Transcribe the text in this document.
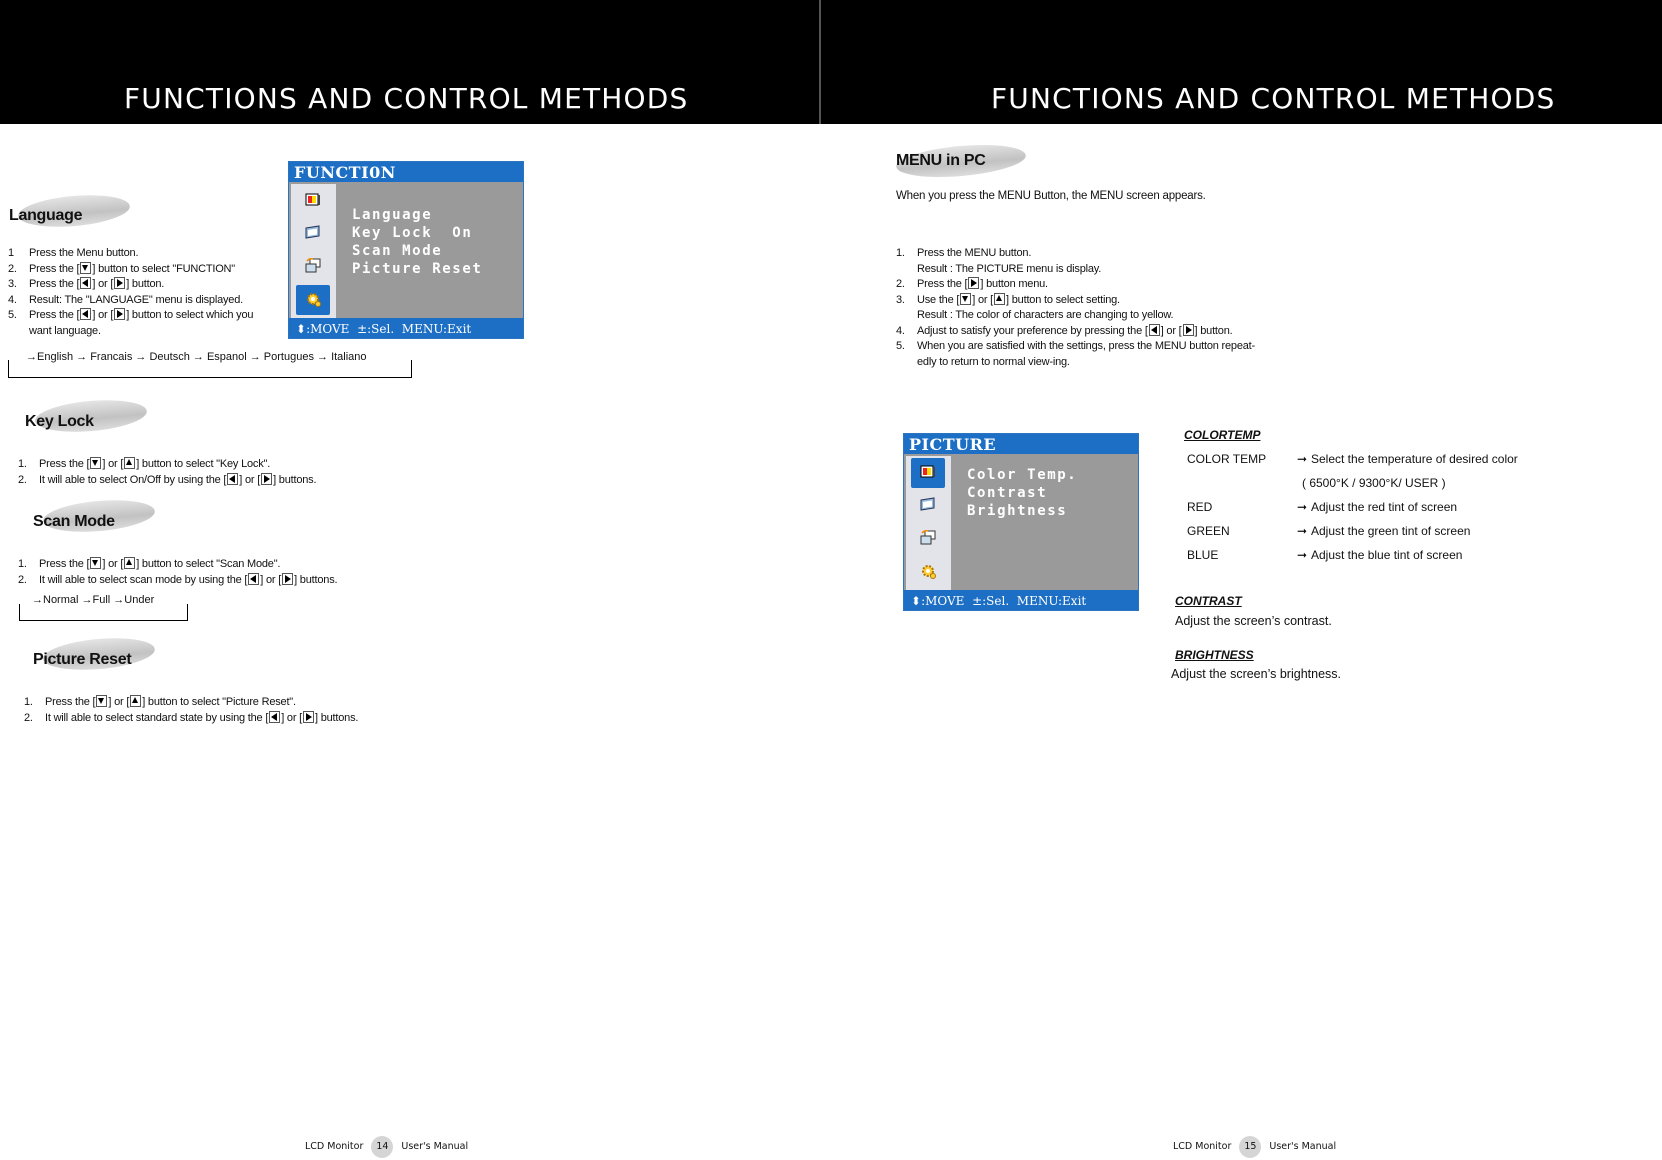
FUNCTIONS AND CONTROL METHODS	FUNCTIONS AND CONTROL METHODS
Language
1 Press the Menu button.
2. Press the [ ] button to select "FUNCTION"
3. Press the [ ] or [ ] button.
4. Result: The "LANGUAGE" menu is displayed.
5. Press the [ ] or [ ] button to select which you
want language.
→English → Francais → Deutsch → Espanol → Portugues → Italiano
FUNCTI0N
Language
Key Lock  On
Scan Mode
Picture Reset
⬍:MOVE  ±:Sel.  MENU:Exit
Key Lock
1. Press the [ ] or [ ] button to select "Key Lock".
2. It will able to select On/Off by using the [ ] or [ ] buttons.
Scan Mode
1. Press the [ ] or [ ] button to select "Scan Mode".
2. It will able to select scan mode by using the [ ] or [ ] buttons.
→Normal →Full →Under
Picture Reset
1. Press the [ ] or [ ] button to select "Picture Reset".
2. It will able to select standard state by using the [ ] or [ ] buttons.
LCD Monitor 14 User's Manual
MENU in PC
When you press the MENU Button, the MENU screen appears.
1. Press the MENU button.
Result : The PICTURE menu is display.
2. Press the [ ] button menu.
3. Use the [ ] or [ ] button to select setting.
Result : The color of characters are changing to yellow.
4. Adjust to satisfy your preference by pressing the [ ] or [ ] button.
5. When you are satisfied with the settings, press the MENU button repeat-
edly to return to normal view-ing.
PICTURE
Color Temp.
Contrast
Brightness
⬍:MOVE  ±:Sel.  MENU:Exit
COLORTEMP
COLOR TEMP	➞ Select the temperature of desired color
( 6500°K / 9300°K/ USER )
RED	➞ Adjust the red tint of screen
GREEN	➞ Adjust the green tint of screen
BLUE	➞ Adjust the blue tint of screen
CONTRAST
Adjust the screen’s contrast.
BRIGHTNESS
Adjust the screen’s brightness.
LCD Monitor 15 User's Manual
